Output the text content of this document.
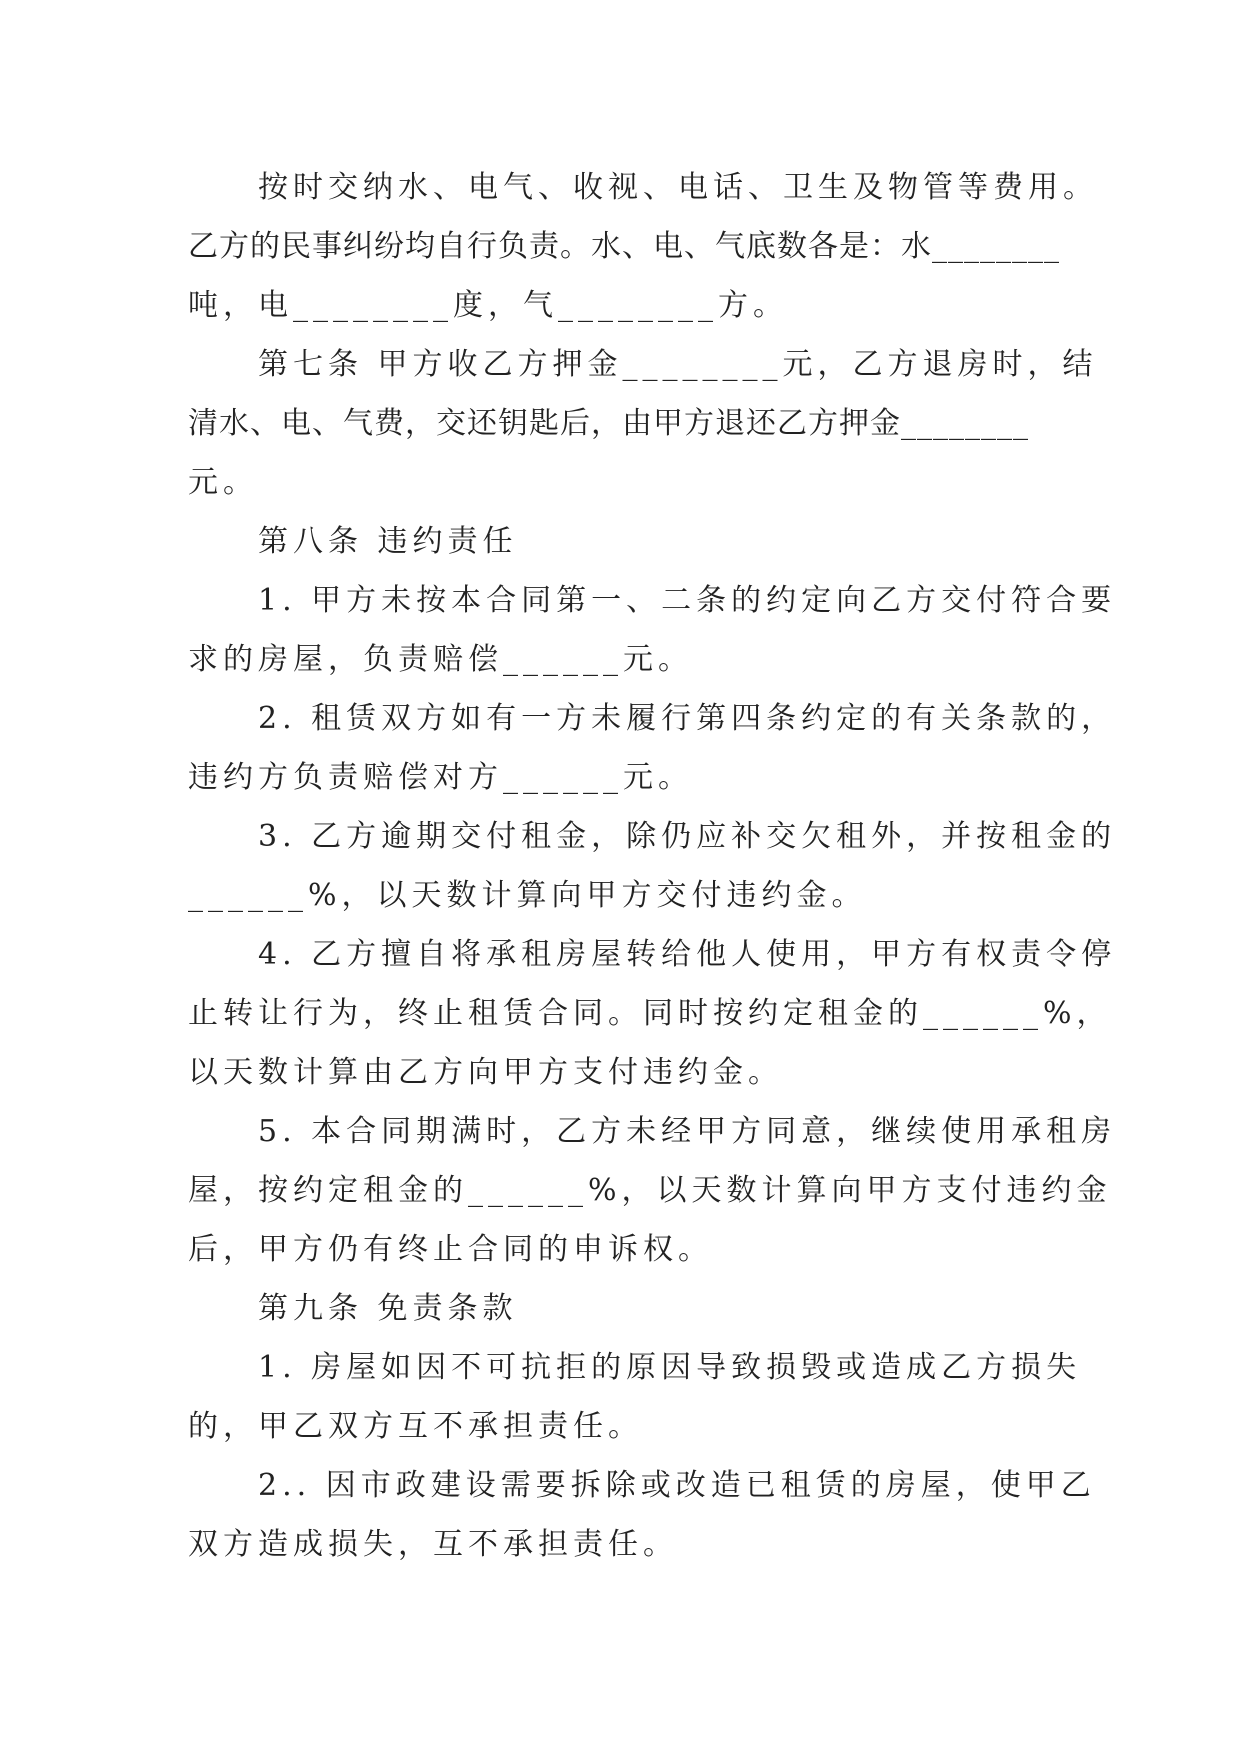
按时交纳水、电气、收视、电话、卫生及物管等费用。
乙方的民事纠纷均自行负责。水、电、气底数各是：水________
吨，电________度，气________方。
第七条 甲方收乙方押金________元，乙方退房时，结
清水、电、气费，交还钥匙后，由甲方退还乙方押金________
元。
第八条 违约责任
1. 甲方未按本合同第一、二条的约定向乙方交付符合要
求的房屋，负责赔偿______元。
2. 租赁双方如有一方未履行第四条约定的有关条款的，
违约方负责赔偿对方______元。
3. 乙方逾期交付租金，除仍应补交欠租外，并按租金的
______%，以天数计算向甲方交付违约金。
4. 乙方擅自将承租房屋转给他人使用，甲方有权责令停
止转让行为，终止租赁合同。同时按约定租金的______%，
以天数计算由乙方向甲方支付违约金。
5. 本合同期满时，乙方未经甲方同意，继续使用承租房
屋，按约定租金的______%，以天数计算向甲方支付违约金
后，甲方仍有终止合同的申诉权。
第九条 免责条款
1. 房屋如因不可抗拒的原因导致损毁或造成乙方损失
的，甲乙双方互不承担责任。
2.. 因市政建设需要拆除或改造已租赁的房屋，使甲乙
双方造成损失，互不承担责任。
